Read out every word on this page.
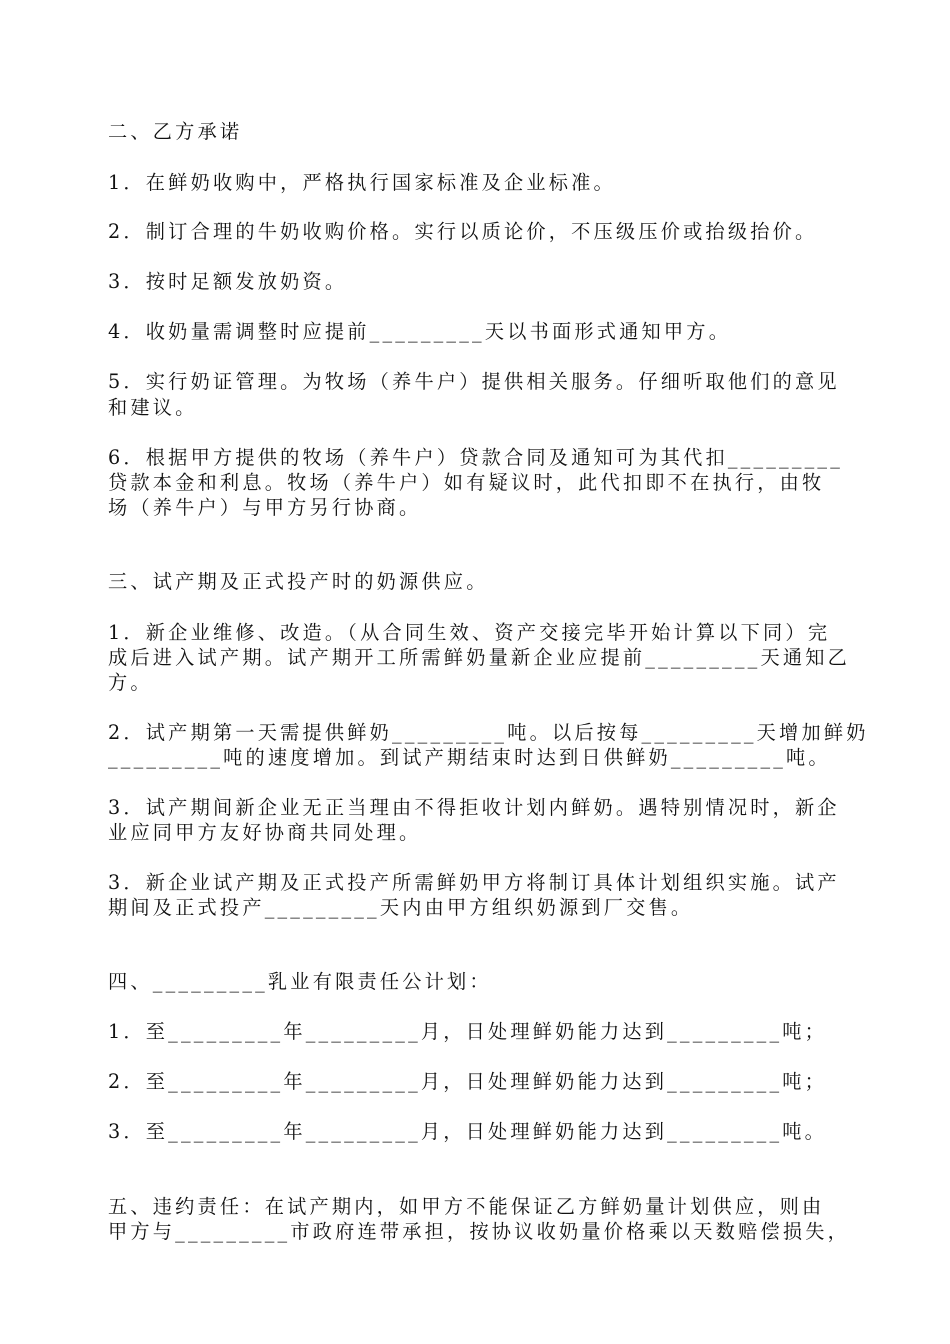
二、乙方承诺
1．在鲜奶收购中，严格执行国家标准及企业标准。
2．制订合理的牛奶收购价格。实行以质论价，不压级压价或抬级抬价。
3．按时足额发放奶资。
4．收奶量需调整时应提前_________天以书面形式通知甲方。
5．实行奶证管理。为牧场（养牛户）提供相关服务。仔细听取他们的意见
和建议。
6．根据甲方提供的牧场（养牛户）贷款合同及通知可为其代扣_________
贷款本金和利息。牧场（养牛户）如有疑议时，此代扣即不在执行，由牧
场（养牛户）与甲方另行协商。
三、试产期及正式投产时的奶源供应。
1．新企业维修、改造。（从合同生效、资产交接完毕开始计算以下同）完
成后进入试产期。试产期开工所需鲜奶量新企业应提前_________天通知乙
方。
2．试产期第一天需提供鲜奶_________吨。以后按每_________天增加鲜奶
_________吨的速度增加。到试产期结束时达到日供鲜奶_________吨。
3．试产期间新企业无正当理由不得拒收计划内鲜奶。遇特别情况时，新企
业应同甲方友好协商共同处理。
3．新企业试产期及正式投产所需鲜奶甲方将制订具体计划组织实施。试产
期间及正式投产_________天内由甲方组织奶源到厂交售。
四、_________乳业有限责任公计划：
1．至_________年_________月，日处理鲜奶能力达到_________吨；
2．至_________年_________月，日处理鲜奶能力达到_________吨；
3．至_________年_________月，日处理鲜奶能力达到_________吨。
五、违约责任：在试产期内，如甲方不能保证乙方鲜奶量计划供应，则由
甲方与_________市政府连带承担，按协议收奶量价格乘以天数赔偿损失，
